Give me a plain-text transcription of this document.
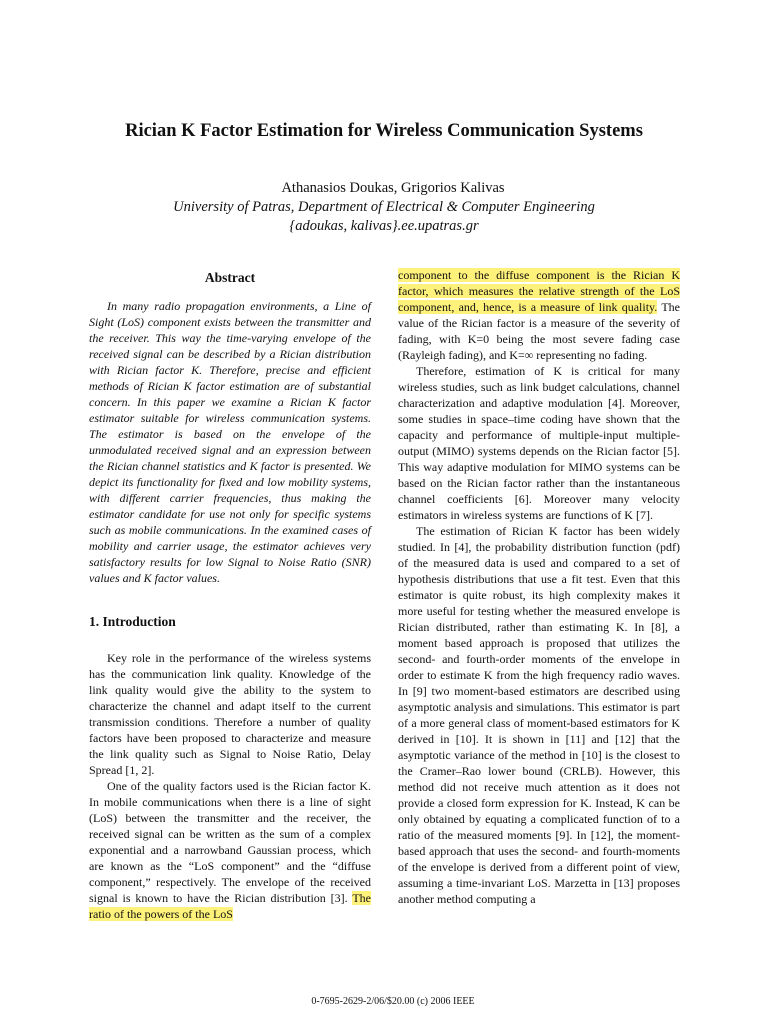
Rician K Factor Estimation for Wireless Communication Systems

Athanasios Doukas, Grigorios Kalivas

University of Patras, Department of Electrical & Computer Engineering
{adoukas, kalivas}.ee.upatras.gr
Abstract

In many radio propagation environments, a Line of Sight (LoS) component exists between the transmitter and the receiver. This way the time-varying envelope of the received signal can be described by a Rician distribution with Rician factor K. Therefore, precise and efficient methods of Rician K factor estimation are of substantial concern. In this paper we examine a Rician K factor estimator suitable for wireless communication systems. The estimator is based on the envelope of the unmodulated received signal and an expression between the Rician channel statistics and K factor is presented. We depict its functionality for fixed and low mobility systems, with different carrier frequencies, thus making the estimator candidate for use not only for specific systems such as mobile communications. In the examined cases of mobility and carrier usage, the estimator achieves very satisfactory results for low Signal to Noise Ratio (SNR) values and K factor values.

1. Introduction

Key role in the performance of the wireless systems has the communication link quality. Knowledge of the link quality would give the ability to the system to characterize the channel and adapt itself to the current transmission conditions. Therefore a number of quality factors have been proposed to characterize and measure the link quality such as Signal to Noise Ratio, Delay Spread [1, 2].

One of the quality factors used is the Rician factor K. In mobile communications when there is a line of sight (LoS) between the transmitter and the receiver, the received signal can be written as the sum of a complex exponential and a narrowband Gaussian process, which are known as the “LoS component” and the “diffuse component,” respectively. The envelope of the received signal is known to have the Rician distribution [3]. The ratio of the powers of the LoS

component to the diffuse component is the Rician K factor, which measures the relative strength of the LoS component, and, hence, is a measure of link quality. The value of the Rician factor is a measure of the severity of fading, with K=0 being the most severe fading case (Rayleigh fading), and K=∞ representing no fading.

Therefore, estimation of K is critical for many wireless studies, such as link budget calculations, channel characterization and adaptive modulation [4]. Moreover, some studies in space–time coding have shown that the capacity and performance of multiple-input multiple-output (MIMO) systems depends on the Rician factor [5]. This way adaptive modulation for MIMO systems can be based on the Rician factor rather than the instantaneous channel coefficients [6]. Moreover many velocity estimators in wireless systems are functions of K [7].

The estimation of Rician K factor has been widely studied. In [4], the probability distribution function (pdf) of the measured data is used and compared to a set of hypothesis distributions that use a fit test. Even that this estimator is quite robust, its high complexity makes it more useful for testing whether the measured envelope is Rician distributed, rather than estimating K. In [8], a moment based approach is proposed that utilizes the second- and fourth-order moments of the envelope in order to estimate K from the high frequency radio waves. In [9] two moment-based estimators are described using asymptotic analysis and simulations. This estimator is part of a more general class of moment-based estimators for K derived in [10]. It is shown in [11] and [12] that the asymptotic variance of the method in [10] is the closest to the Cramer–Rao lower bound (CRLB). However, this method did not receive much attention as it does not provide a closed form expression for K. Instead, K can be only obtained by equating a complicated function of to a ratio of the measured moments [9]. In [12], the moment-based approach that uses the second- and fourth-moments of the envelope is derived from a different point of view, assuming a time-invariant LoS. Marzetta in [13] proposes another method computing a

0-7695-2629-2/06/$20.00 (c) 2006 IEEE
